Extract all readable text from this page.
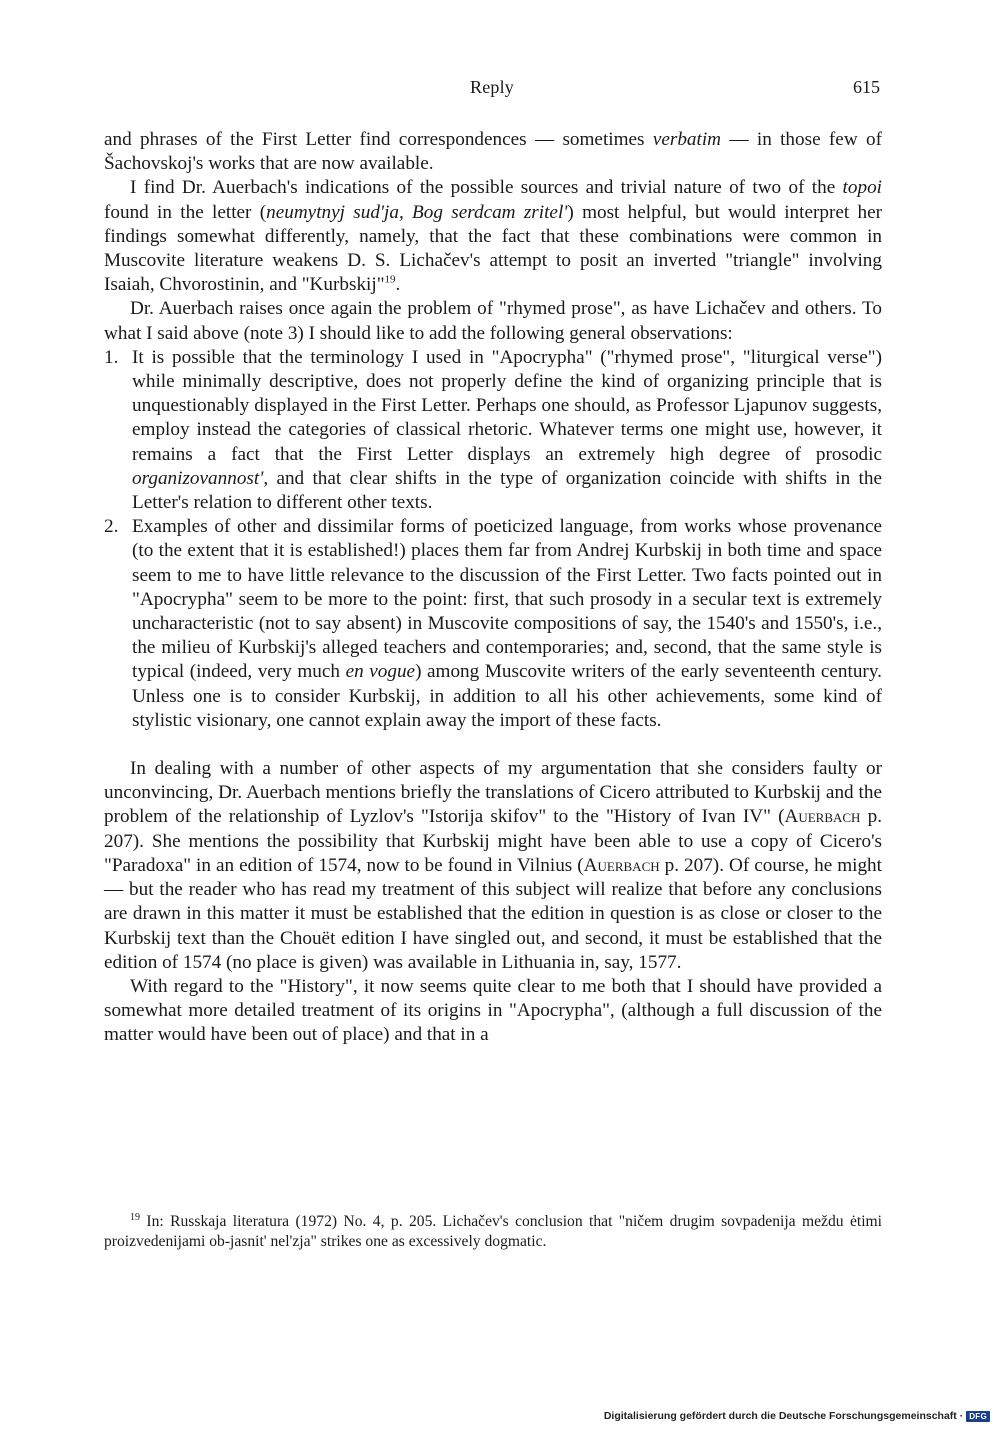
Reply	615

and phrases of the First Letter find correspondences — sometimes verbatim — in those few of Šachovskoj's works that are now available.

I find Dr. Auerbach's indications of the possible sources and trivial nature of two of the topoi found in the letter (neumytnyj sud'ja, Bog serdcam zritel') most helpful, but would interpret her findings somewhat differently, namely, that the fact that these combinations were common in Muscovite literature weakens D. S. Lichačev's attempt to posit an inverted "triangle" involving Isaiah, Chvorostinin, and "Kurbskij"$^{19}$.

Dr. Auerbach raises once again the problem of "rhymed prose", as have Lichačev and others. To what I said above (note 3) I should like to add the following general observations:

1. It is possible that the terminology I used in "Apocrypha" ("rhymed prose", "liturgical verse") while minimally descriptive, does not properly define the kind of organizing principle that is unquestionably displayed in the First Letter. Perhaps one should, as Professor Ljapunov suggests, employ instead the categories of classical rhetoric. Whatever terms one might use, however, it remains a fact that the First Letter displays an extremely high degree of prosodic organizovannost', and that clear shifts in the type of organization coincide with shifts in the Letter's relation to different other texts.
2. Examples of other and dissimilar forms of poeticized language, from works whose provenance (to the extent that it is established!) places them far from Andrej Kurbskij in both time and space seem to me to have little relevance to the discussion of the First Letter. Two facts pointed out in "Apocrypha" seem to be more to the point: first, that such prosody in a secular text is extremely uncharacteristic (not to say absent) in Muscovite compositions of say, the 1540's and 1550's, i.e., the milieu of Kurbskij's alleged teachers and contemporaries; and, second, that the same style is typical (indeed, very much en vogue) among Muscovite writers of the early seventeenth century. Unless one is to consider Kurbskij, in addition to all his other achievements, some kind of stylistic visionary, one cannot explain away the import of these facts.

In dealing with a number of other aspects of my argumentation that she considers faulty or unconvincing, Dr. Auerbach mentions briefly the translations of Cicero attributed to Kurbskij and the problem of the relationship of Lyzlov's "Istorija skifov" to the "History of Ivan IV" (Auerbach p. 207). She mentions the possibility that Kurbskij might have been able to use a copy of Cicero's "Paradoxa" in an edition of 1574, now to be found in Vilnius (Auerbach p. 207). Of course, he might — but the reader who has read my treatment of this subject will realize that before any conclusions are drawn in this matter it must be established that the edition in question is as close or closer to the Kurbskij text than the Chouët edition I have singled out, and second, it must be established that the edition of 1574 (no place is given) was available in Lithuania in, say, 1577.

With regard to the "History", it now seems quite clear to me both that I should have provided a somewhat more detailed treatment of its origins in "Apocrypha", (although a full discussion of the matter would have been out of place) and that in a

$^{19}$ In: Russkaja literatura (1972) No. 4, p. 205. Lichačev's conclusion that "ničem drugim sovpadenija meždu ėtimi proizvedenijami ob-jasnit' nel'zja" strikes one as excessively dogmatic.
Digitalisierung gefördert durch die Deutsche Forschungsgemeinschaft · DFG
